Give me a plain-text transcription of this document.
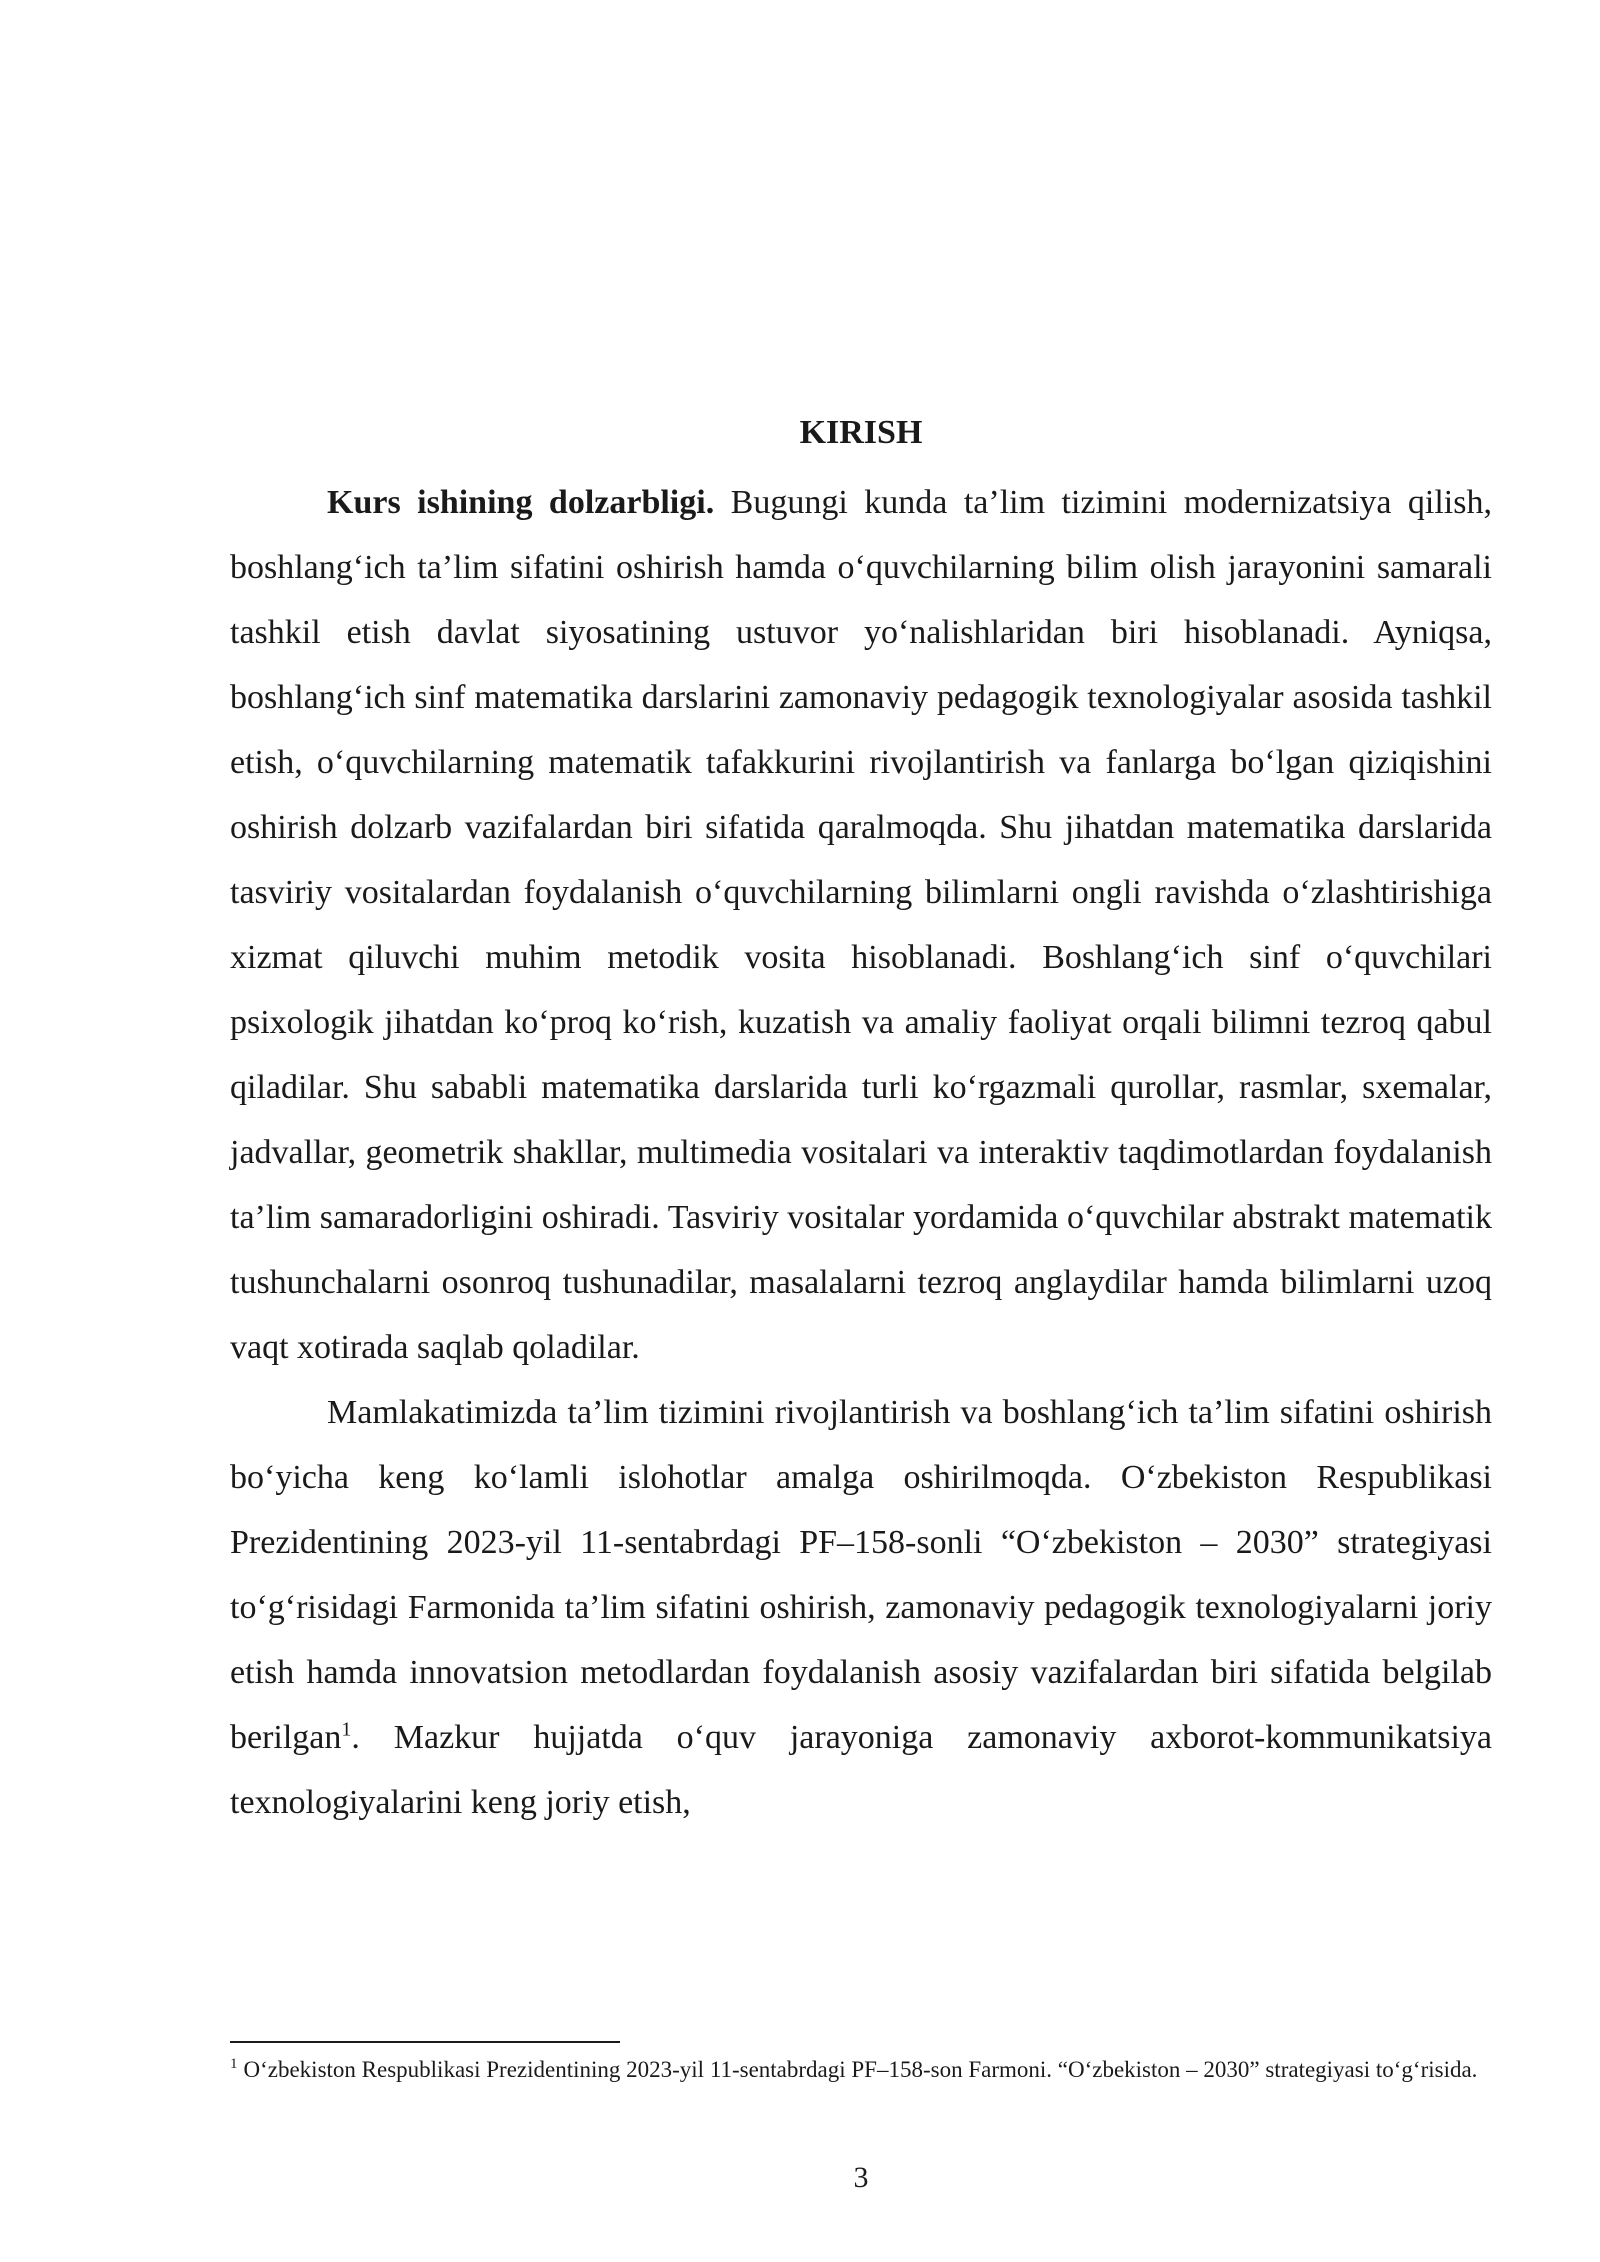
KIRISH

Kurs ishining dolzarbligi. Bugungi kunda ta’lim tizimini modernizatsiya qilish, boshlang‘ich ta’lim sifatini oshirish hamda o‘quvchilarning bilim olish jarayonini samarali tashkil etish davlat siyosatining ustuvor yo‘nalishlaridan biri hisoblanadi. Ayniqsa, boshlang‘ich sinf matematika darslarini zamonaviy pedagogik texnologiyalar asosida tashkil etish, o‘quvchilarning matematik tafakkurini rivojlantirish va fanlarga bo‘lgan qiziqishini oshirish dolzarb vazifalardan biri sifatida qaralmoqda. Shu jihatdan matematika darslarida tasviriy vositalardan foydalanish o‘quvchilarning bilimlarni ongli ravishda o‘zlashtirishiga xizmat qiluvchi muhim metodik vosita hisoblanadi. Boshlang‘ich sinf o‘quvchilari psixologik jihatdan ko‘proq ko‘rish, kuzatish va amaliy faoliyat orqali bilimni tezroq qabul qiladilar. Shu sababli matematika darslarida turli ko‘rgazmali qurollar, rasmlar, sxemalar, jadvallar, geometrik shakllar, multimedia vositalari va interaktiv taqdimotlardan foydalanish ta’lim samaradorligini oshiradi. Tasviriy vositalar yordamida o‘quvchilar abstrakt matematik tushunchalarni osonroq tushunadilar, masalalarni tezroq anglaydilar hamda bilimlarni uzoq vaqt xotirada saqlab qoladilar.

Mamlakatimizda ta’lim tizimini rivojlantirish va boshlang‘ich ta’lim sifatini oshirish bo‘yicha keng ko‘lamli islohotlar amalga oshirilmoqda. O‘zbekiston Respublikasi Prezidentining 2023-yil 11-sentabrdagi PF–158-sonli “O‘zbekiston – 2030” strategiyasi to‘g‘risidagi Farmonida ta’lim sifatini oshirish, zamonaviy pedagogik texnologiyalarni joriy etish hamda innovatsion metodlardan foydalanish asosiy vazifalardan biri sifatida belgilab berilgan$^1$. Mazkur hujjatda o‘quv jarayoniga zamonaviy axborot-kommunikatsiya texnologiyalarini keng joriy etish,

$^1$ O‘zbekiston Respublikasi Prezidentining 2023-yil 11-sentabrdagi PF–158-son Farmoni. “O‘zbekiston – 2030” strategiyasi to‘g‘risida.

3
